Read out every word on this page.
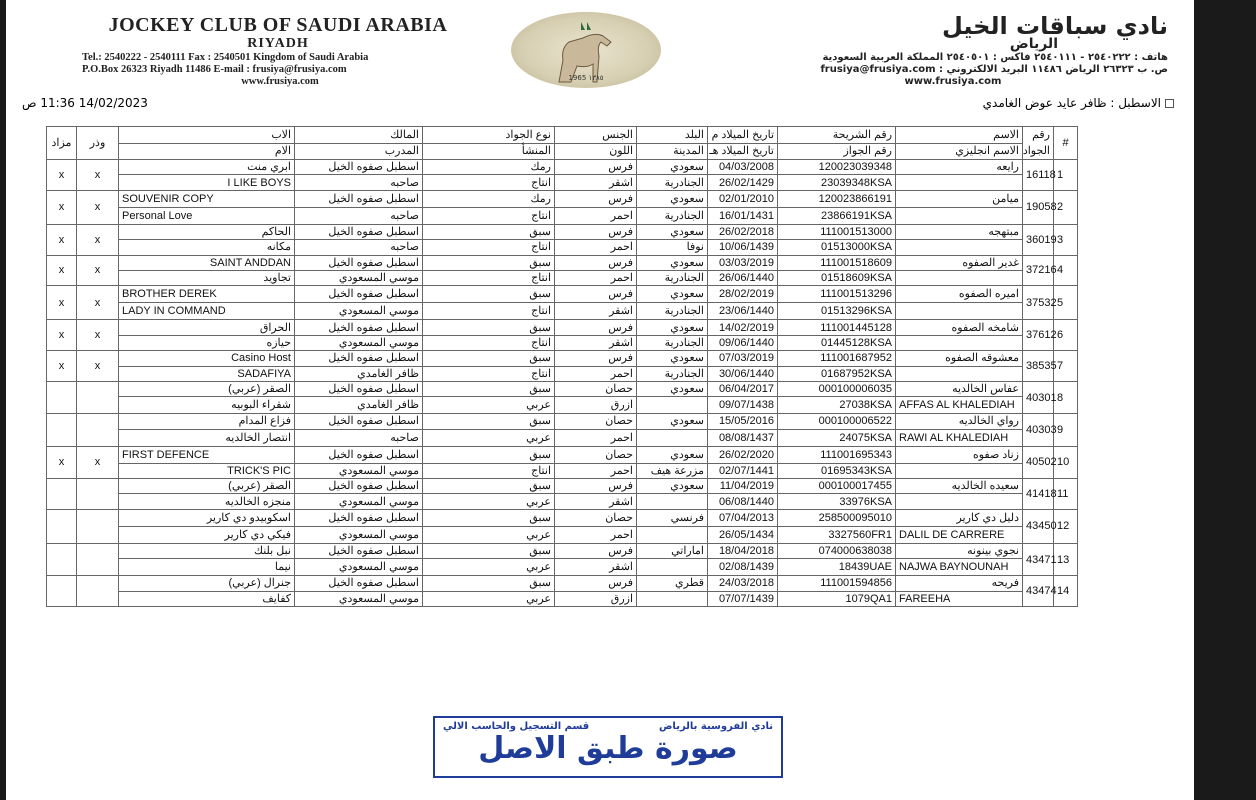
JOCKEY CLUB OF SAUDI ARABIA
RIYADH
Tel.: 2540222 - 2540111 Fax : 2540501 Kingdom of Saudi Arabia
P.O.Box 26323 Riyadh 11486 E-mail : frusiya@frusiya.com
www.frusiya.com	1965 ١٣٨٥
نادي سباقات الخيل
الرياض
هاتف : ٢٥٤٠٢٢٢ - ٢٥٤٠١١١ فاكس : ٢٥٤٠٥٠١ المملكة العربية السعودية
ص. ب ٢٦٣٢٣ الرياض ١١٤٨٦ البريد الالكتروني : frusiya@frusiya.com
www.frusiya.com
14/02/2023 11:36 ص	الاسطبل : ظافر عايد عوض الغامدي
مزاد	وذر	الاب	المالك	نوع الجواد	الجنس	البلد	تاريخ الميلاد م	رقم الشريحة	الاسم	رقم الجواد	#
		الام	المدرب	المنشأ	اللون	المدينة	تاريخ الميلاد هـ	رقم الجواز	الاسم انجليزي		
x	x	ابري منت	اسطبل صفوه الخيل	رمك	فرس	سعودي	04/03/2008	120023039348	رايعه	16118	1
		I LIKE BOYS	صاحبه	انتاج	اشقر	الجنادرية	26/02/1429	23039348KSA			
x	x	SOUVENIR COPY	اسطبل صفوه الخيل	رمك	فرس	سعودي	02/01/2010	120023866191	ميامن	19058	2
		Personal Love	صاحبه	انتاج	احمر	الجنادرية	16/01/1431	23866191KSA			
x	x	الحاكم	اسطبل صفوه الخيل	سبق	فرس	سعودي	26/02/2018	111001513000	مبتهجه	36019	3
		مكانه	صاحبه	انتاج	احمر	نوفا	10/06/1439	01513000KSA			
x	x	SAINT ANDDAN	اسطبل صفوه الخيل	سبق	فرس	سعودي	03/03/2019	111001518609	غدير الصفوه	37216	4
		تجاويد	موسي المسعودي	انتاج	احمر	الجنادرية	26/06/1440	01518609KSA			
x	x	BROTHER DEREK	اسطبل صفوه الخيل	سبق	فرس	سعودي	28/02/2019	111001513296	اميره الصفوه	37532	5
		LADY IN COMMAND	موسي المسعودي	انتاج	اشقر	الجنادرية	23/06/1440	01513296KSA			
x	x	الحراق	اسطبل صفوه الخيل	سبق	فرس	سعودي	14/02/2019	111001445128	شامخه الصفوه	37612	6
		حيازه	موسي المسعودي	انتاج	اشقر	الجنادرية	09/06/1440	01445128KSA			
x	x	Casino Host	اسطبل صفوه الخيل	سبق	فرس	سعودي	07/03/2019	111001687952	معشوقه الصفوه	38535	7
		SADAFIYA	ظافر الغامدي	انتاج	احمر	الجنادرية	30/06/1440	01687952KSA			
		الصقر (عربي)	اسطبل صفوه الخيل	سبق	حصان	سعودي	06/04/2017	000100006035	عفاس الخالديه	40301	8
		شقراء البوبيه	ظافر الغامدي	عربي	ازرق		09/07/1438	27038KSA	AFFAS AL KHALEDIAH		
		فزاع المدام	اسطبل صفوه الخيل	سبق	حصان	سعودي	15/05/2016	000100006522	رواي الخالديه	40303	9
		انتصار الخالديه	صاحبه	عربي	احمر		08/08/1437	24075KSA	RAWI AL KHALEDIAH		
x	x	FIRST DEFENCE	اسطبل صفوه الخيل	سبق	حصان	سعودي	26/02/2020	111001695343	زناد صفوه	40502	10
		TRICK'S PIC	موسي المسعودي	انتاج	احمر	مزرعة هيف	02/07/1441	01695343KSA			
		الصقر (عربي)	اسطبل صفوه الخيل	سبق	فرس	سعودي	11/04/2019	000100017455	سعيده الخالديه	41418	11
		منجزه الخالديه	موسي المسعودي	عربي	اشقر		06/08/1440	33976KSA			
		اسكوبيدو دي كارير	اسطبل صفوه الخيل	سبق	حصان	فرنسي	07/04/2013	258500095010	دليل دي كارير	43450	12
		فيكي دي كارير	موسي المسعودي	عربي	احمر		26/05/1434	3327560FR1	DALIL DE CARRERE		
		نبل بلنك	اسطبل صفوه الخيل	سبق	فرس	اماراتي	18/04/2018	074000638038	نجوي بينونه	43471	13
		نيما	موسي المسعودي	عربي	اشقر		02/08/1439	18439UAE	NAJWA BAYNOUNAH		
		جنرال (عربي)	اسطبل صفوه الخيل	سبق	فرس	قطري	24/03/2018	111001594856	فريحه	43474	14
		كفايف	موسي المسعودي	عربي	ازرق		07/07/1439	1079QA1	FAREEHA		
نادي الفروسية بالرياض
قسم التسجيل والحاسب الالي
صورة طبق الاصل
